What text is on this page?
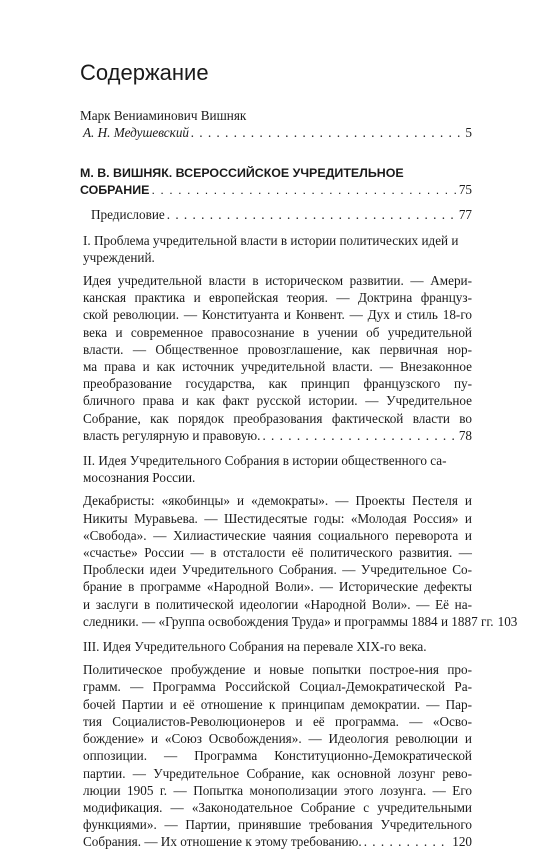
Содержание
Марк Вениаминович Вишняк
А. Н. Медушевский . . .	5
М. В. ВИШНЯК. ВСЕРОССИЙСКОЕ УЧРЕДИТЕЛЬНОЕ
СОБРАНИЕ . . .	75
Предисловие . . .	77
I. Проблема учредительной власти в истории политических идей и
учреждений.
Идея учредительной власти в историческом развитии. — Амери-
канская практика и европейская теория. — Доктрина француз-
ской революции. — Конституанта и Конвент. — Дух и стиль 18-го
века и современное правосознание в учении об учредительной
власти. — Общественное провозглашение, как первичная нор-
ма права и как источник учредительной власти. — Внезаконное
преобразование государства, как принцип французского пу-
бличного права и как факт русской истории. — Учредительное
Собрание, как порядок преобразования фактической власти во
власть регулярную и правовую. . . .	78
II. Идея Учредительного Собрания в истории общественного са-
мосознания России.
Декабристы: «якобинцы» и «демократы». — Проекты Пестеля и
Никиты Муравьева. — Шестидесятые годы: «Молодая Россия» и
«Свобода». — Хилиастические чаяния социального переворота и
«счастье» России — в отсталости её политического развития. —
Проблески идеи Учредительного Собрания. — Учредительное Со-
брание в программе «Народной Воли». — Исторические дефекты
и заслуги в политической идеологии «Народной Воли». — Её на-
следники. — «Группа освобождения Труда» и программы 1884 и 1887 гг. 103
III. Идея Учредительного Собрания на перевале XIX-го века.
Политическое пробуждение и новые попытки построе-ния про-
грамм. — Программа Российской Социал-Демократической Ра-
бочей Партии и её отношение к принципам демократии. — Пар-
тия Социалистов-Революционеров и её программа. — «Осво-
бождение» и «Союз Освобождения». — Идеология революции и
оппозиции. — Программа Конституционно-Демократической
партии. — Учредительное Собрание, как основной лозунг рево-
люции 1905 г. — Попытка монополизации этого лозунга. — Его
модификация. — «Законодательное Собрание с учредительными
функциями». — Партии, принявшие требования Учредительного
Собрания. — Их отношение к этому требованию. . . .	120
